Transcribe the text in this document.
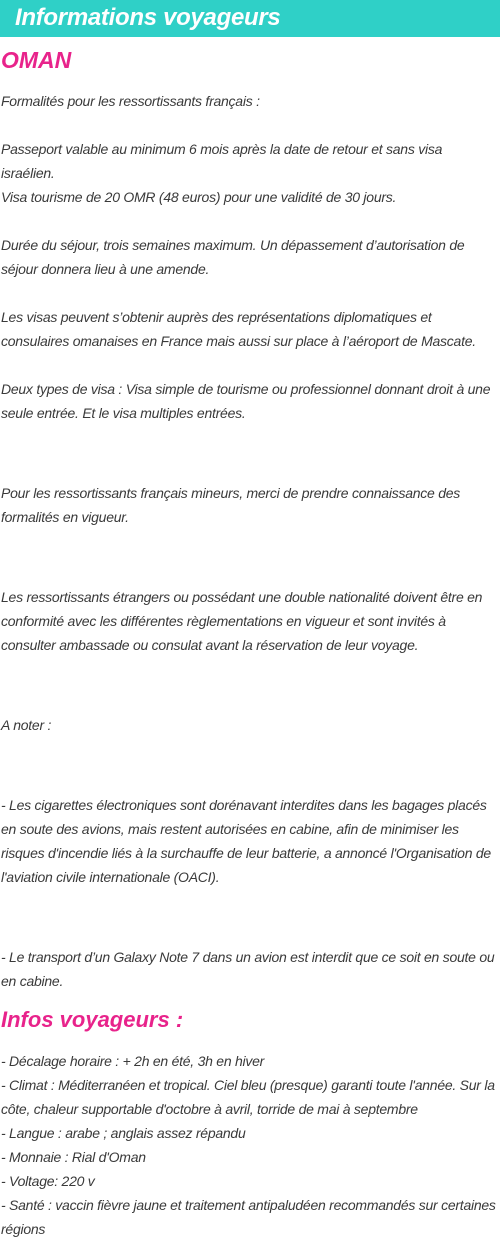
Informations voyageurs
OMAN

Formalités pour les ressortissants français :

Passeport valable au minimum 6 mois après la date de retour et sans visa israélien.
Visa tourisme de 20 OMR (48 euros) pour une validité de 30 jours.

Durée du séjour, trois semaines maximum. Un dépassement d’autorisation de séjour donnera lieu à une amende.

Les visas peuvent s’obtenir auprès des représentations diplomatiques et consulaires omanaises en France mais aussi sur place à l’aéroport de Mascate.

Deux types de visa : Visa simple de tourisme ou professionnel donnant droit à une seule entrée. Et le visa multiples entrées.

Pour les ressortissants français mineurs, merci de prendre connaissance des formalités en vigueur.

Les ressortissants étrangers ou possédant une double nationalité doivent être en conformité avec les différentes règlementations en vigueur et sont invités à consulter ambassade ou consulat avant la réservation de leur voyage.

A noter :

- Les cigarettes électroniques sont dorénavant interdites dans les bagages placés en soute des avions, mais restent autorisées en cabine, afin de minimiser les risques d'incendie liés à la surchauffe de leur batterie, a annoncé l'Organisation de l'aviation civile internationale (OACI).

- Le transport d’un Galaxy Note 7 dans un avion est interdit que ce soit en soute ou en cabine.

Infos voyageurs :

- Décalage horaire : + 2h en été, 3h en hiver
- Climat : Méditerranéen et tropical. Ciel bleu (presque) garanti toute l'année. Sur la côte, chaleur supportable d'octobre à avril, torride de mai à septembre
- Langue : arabe ; anglais assez répandu
- Monnaie : Rial d'Oman
- Voltage: 220 v
- Santé : vaccin fièvre jaune et traitement antipaludéen recommandés sur certaines régions
